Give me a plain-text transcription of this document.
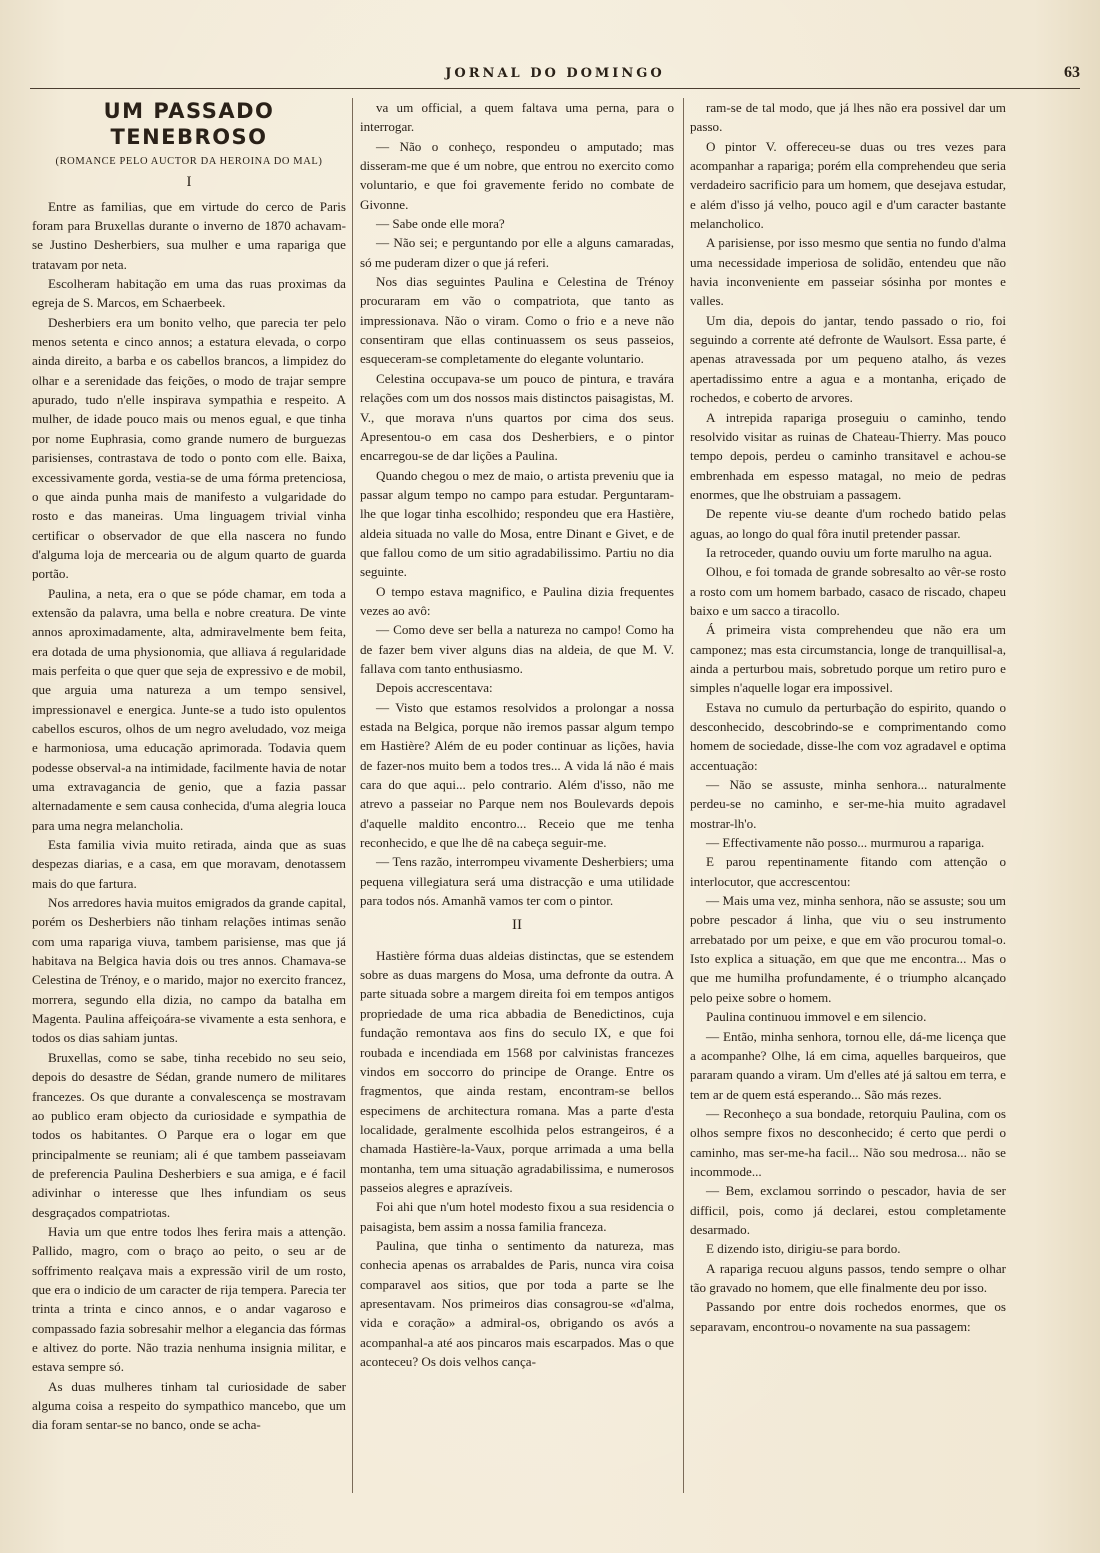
JORNAL DO DOMINGO	63
UM PASSADO TENEBROSO
(ROMANCE PELO AUCTOR DA HEROINA DO MAL)
I

Entre as familias, que em virtude do cerco de Paris foram para Bruxellas durante o inverno de 1870 achavam-se Justino Desherbiers, sua mulher e uma rapariga que tratavam por neta.

Escolheram habitação em uma das ruas proximas da egreja de S. Marcos, em Schaerbeek.

Desherbiers era um bonito velho, que parecia ter pelo menos setenta e cinco annos; a estatura elevada, o corpo ainda direito, a barba e os cabellos brancos, a limpidez do olhar e a serenidade das feições, o modo de trajar sempre apurado, tudo n'elle inspirava sympathia e respeito. A mulher, de idade pouco mais ou menos egual, e que tinha por nome Euphrasia, como grande numero de burguezas parisienses, contrastava de todo o ponto com elle. Baixa, excessivamente gorda, vestia-se de uma fórma pretenciosa, o que ainda punha mais de manifesto a vulgaridade do rosto e das maneiras. Uma linguagem trivial vinha certificar o observador de que ella nascera no fundo d'alguma loja de mercearia ou de algum quarto de guarda portão.

Paulina, a neta, era o que se póde chamar, em toda a extensão da palavra, uma bella e nobre creatura. De vinte annos aproximadamente, alta, admiravelmente bem feita, era dotada de uma physionomia, que alliava á regularidade mais perfeita o que quer que seja de expressivo e de mobil, que arguia uma natureza a um tempo sensivel, impressionavel e energica. Junte-se a tudo isto opulentos cabellos escuros, olhos de um negro aveludado, voz meiga e harmoniosa, uma educação aprimorada. Todavia quem podesse observal-a na intimidade, facilmente havia de notar uma extravagancia de genio, que a fazia passar alternadamente e sem causa conhecida, d'uma alegria louca para uma negra melancholia.

Esta familia vivia muito retirada, ainda que as suas despezas diarias, e a casa, em que moravam, denotassem mais do que fartura.

Nos arredores havia muitos emigrados da grande capital, porém os Desherbiers não tinham relações intimas senão com uma rapariga viuva, tambem parisiense, mas que já habitava na Belgica havia dois ou tres annos. Chamava-se Celestina de Trénoy, e o marido, major no exercito francez, morrera, segundo ella dizia, no campo da batalha em Magenta. Paulina affeiçoára-se vivamente a esta senhora, e todos os dias sahiam juntas.

Bruxellas, como se sabe, tinha recebido no seu seio, depois do desastre de Sédan, grande numero de militares francezes. Os que durante a convalescença se mostravam ao publico eram objecto da curiosidade e sympathia de todos os habitantes. O Parque era o logar em que principalmente se reuniam; ali é que tambem passeiavam de preferencia Paulina Desherbiers e sua amiga, e é facil adivinhar o interesse que lhes infundiam os seus desgraçados compatriotas.

Havia um que entre todos lhes ferira mais a attenção. Pallido, magro, com o braço ao peito, o seu ar de soffrimento realçava mais a expressão viril de um rosto, que era o indicio de um caracter de rija tempera. Parecia ter trinta a trinta e cinco annos, e o andar vagaroso e compassado fazia sobresahir melhor a elegancia das fórmas e altivez do porte. Não trazia nenhuma insignia militar, e estava sempre só.

As duas mulheres tinham tal curiosidade de saber alguma coisa a respeito do sympathico mancebo, que um dia foram sentar-se no banco, onde se acha-

va um official, a quem faltava uma perna, para o interrogar.

— Não o conheço, respondeu o amputado; mas disseram-me que é um nobre, que entrou no exercito como voluntario, e que foi gravemente ferido no combate de Givonne.

— Sabe onde elle mora?

— Não sei; e perguntando por elle a alguns camaradas, só me puderam dizer o que já referi.

Nos dias seguintes Paulina e Celestina de Trénoy procuraram em vão o compatriota, que tanto as impressionava. Não o viram. Como o frio e a neve não consentiram que ellas continuassem os seus passeios, esqueceram-se completamente do elegante voluntario.

Celestina occupava-se um pouco de pintura, e travára relações com um dos nossos mais distinctos paisagistas, M. V., que morava n'uns quartos por cima dos seus. Apresentou-o em casa dos Desherbiers, e o pintor encarregou-se de dar lições a Paulina.

Quando chegou o mez de maio, o artista preveniu que ia passar algum tempo no campo para estudar. Perguntaram-lhe que logar tinha escolhido; respondeu que era Hastière, aldeia situada no valle do Mosa, entre Dinant e Givet, e de que fallou como de um sitio agradabilissimo. Partiu no dia seguinte.

O tempo estava magnifico, e Paulina dizia frequentes vezes ao avô:

— Como deve ser bella a natureza no campo! Como ha de fazer bem viver alguns dias na aldeia, de que M. V. fallava com tanto enthusiasmo.

Depois accrescentava:

— Visto que estamos resolvidos a prolongar a nossa estada na Belgica, porque não iremos passar algum tempo em Hastière? Além de eu poder continuar as lições, havia de fazer-nos muito bem a todos tres... A vida lá não é mais cara do que aqui... pelo contrario. Além d'isso, não me atrevo a passeiar no Parque nem nos Boulevards depois d'aquelle maldito encontro... Receio que me tenha reconhecido, e que lhe dê na cabeça seguir-me.

— Tens razão, interrompeu vivamente Desherbiers; uma pequena villegiatura será uma distracção e uma utilidade para todos nós. Amanhã vamos ter com o pintor.

II

Hastière fórma duas aldeias distinctas, que se estendem sobre as duas margens do Mosa, uma defronte da outra. A parte situada sobre a margem direita foi em tempos antigos propriedade de uma rica abbadia de Benedictinos, cuja fundação remontava aos fins do seculo IX, e que foi roubada e incendiada em 1568 por calvinistas francezes vindos em soccorro do principe de Orange. Entre os fragmentos, que ainda restam, encontram-se bellos especimens de architectura romana. Mas a parte d'esta localidade, geralmente escolhida pelos estrangeiros, é a chamada Hastière-la-Vaux, porque arrimada a uma bella montanha, tem uma situação agradabilissima, e numerosos passeios alegres e aprazíveis.

Foi ahi que n'um hotel modesto fixou a sua residencia o paisagista, bem assim a nossa familia franceza.

Paulina, que tinha o sentimento da natureza, mas conhecia apenas os arrabaldes de Paris, nunca vira coisa comparavel aos sitios, que por toda a parte se lhe apresentavam. Nos primeiros dias consagrou-se «d'alma, vida e coração» a admiral-os, obrigando os avós a acompanhal-a até aos pincaros mais escarpados. Mas o que aconteceu? Os dois velhos cança-

ram-se de tal modo, que já lhes não era possivel dar um passo.

O pintor V. offereceu-se duas ou tres vezes para acompanhar a rapariga; porém ella comprehendeu que seria verdadeiro sacrificio para um homem, que desejava estudar, e além d'isso já velho, pouco agil e d'um caracter bastante melancholico.

A parisiense, por isso mesmo que sentia no fundo d'alma uma necessidade imperiosa de solidão, entendeu que não havia inconveniente em passeiar sósinha por montes e valles.

Um dia, depois do jantar, tendo passado o rio, foi seguindo a corrente até defronte de Waulsort. Essa parte, é apenas atravessada por um pequeno atalho, ás vezes apertadissimo entre a agua e a montanha, eriçado de rochedos, e coberto de arvores.

A intrepida rapariga proseguiu o caminho, tendo resolvido visitar as ruinas de Chateau-Thierry. Mas pouco tempo depois, perdeu o caminho transitavel e achou-se embrenhada em espesso matagal, no meio de pedras enormes, que lhe obstruiam a passagem.

De repente viu-se deante d'um rochedo batido pelas aguas, ao longo do qual fôra inutil pretender passar.

Ia retroceder, quando ouviu um forte marulho na agua.

Olhou, e foi tomada de grande sobresalto ao vêr-se rosto a rosto com um homem barbado, casaco de riscado, chapeu baixo e um sacco a tiracollo.

Á primeira vista comprehendeu que não era um camponez; mas esta circumstancia, longe de tranquillisal-a, ainda a perturbou mais, sobretudo porque um retiro puro e simples n'aquelle logar era impossivel.

Estava no cumulo da perturbação do espirito, quando o desconhecido, descobrindo-se e comprimentando como homem de sociedade, disse-lhe com voz agradavel e optima accentuação:

— Não se assuste, minha senhora... naturalmente perdeu-se no caminho, e ser-me-hia muito agradavel mostrar-lh'o.

— Effectivamente não posso... murmurou a rapariga.

E parou repentinamente fitando com attenção o interlocutor, que accrescentou:

— Mais uma vez, minha senhora, não se assuste; sou um pobre pescador á linha, que viu o seu instrumento arrebatado por um peixe, e que em vão procurou tomal-o. Isto explica a situação, em que que me encontra... Mas o que me humilha profundamente, é o triumpho alcançado pelo peixe sobre o homem.

Paulina continuou immovel e em silencio.

— Então, minha senhora, tornou elle, dá-me licença que a acompanhe? Olhe, lá em cima, aquelles barqueiros, que pararam quando a viram. Um d'elles até já saltou em terra, e tem ar de quem está esperando... São más rezes.

— Reconheço a sua bondade, retorquiu Paulina, com os olhos sempre fixos no desconhecido; é certo que perdi o caminho, mas ser-me-ha facil... Não sou medrosa... não se incommode...

— Bem, exclamou sorrindo o pescador, havia de ser difficil, pois, como já declarei, estou completamente desarmado.

E dizendo isto, dirigiu-se para bordo.

A rapariga recuou alguns passos, tendo sempre o olhar tão gravado no homem, que elle finalmente deu por isso.

Passando por entre dois rochedos enormes, que os separavam, encontrou-o novamente na sua passagem:
